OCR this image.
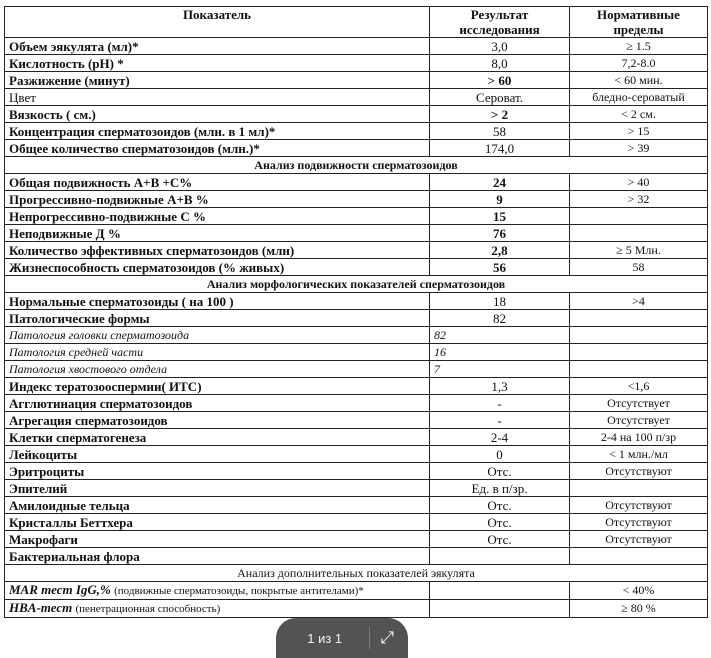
Показатель	Результат исследования	Нормативные пределы
Объем эякулята (мл)*	3,0	≥ 1.5
Кислотность (рН) *	8,0	7,2-8.0
Разжижение (минут)	> 60	< 60 мин.
Цвет	Сероват.	бледно-сероватый
Вязкость ( см.)	> 2	< 2 см.
Концентрация сперматозоидов (млн. в 1 мл)*	58	> 15
Общее количество сперматозоидов (млн.)*	174,0	> 39
Анализ подвижности сперматозоидов		
Общая подвижность А+В +С%	24	> 40
Прогрессивно-подвижные А+В %	9	> 32
Непрогрессивно-подвижные С %	15	
Неподвижные Д %	76	
Количество эффективных сперматозоидов (млн)	2,8	≥ 5 Млн.
Жизнеспособность сперматозоидов (% живых)	56	58
Анализ морфологических показателей сперматозоидов		
Нормальные сперматозоиды ( на 100 )	18	>4
Патологические формы	82	
Патология головки сперматозоида	82	
Патология средней части	16	
Патология хвостового отдела	7	
Индекс тератозооспермии( ИТС)	1,3	<1,6
Агглютинация сперматозоидов	-	Отсутствует
Агрегация сперматозоидов	-	Отсутствует
Клетки сперматогенеза	2-4	2-4 на 100 п/зр
Лейкоциты	0	< 1 млн./мл
Эритроциты	Отс.	Отсутствуют
Эпителий	Ед. в п/зр.	
Амилоидные тельца	Отс.	Отсутствуют
Кристаллы Беттхера	Отс.	Отсутствуют
Макрофаги	Отс.	Отсутствуют
Бактериальная флора		
Анализ дополнительных показателей эякулята		
MAR тест IgG,% (подвижные сперматозоиды, покрытые антителами)*		< 40%
HBA-тест (пенетрационная способность)		≥ 80 %
1 из 1	⤢
